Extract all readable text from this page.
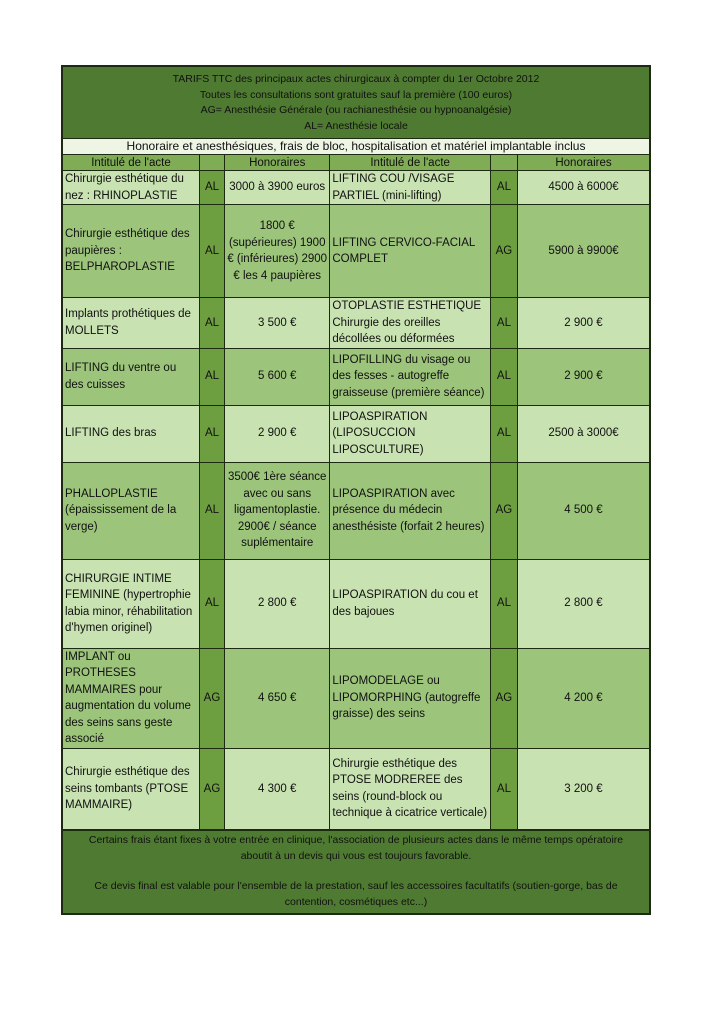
TARIFS TTC des principaux actes chirurgicaux à compter du 1er Octobre 2012
Toutes les consultations sont gratuites sauf la première (100 euros)
AG= Anesthésie Générale (ou rachianesthésie ou hypnoanalgésie)
AL= Anesthésie locale
Honoraire et anesthésiques, frais de bloc, hospitalisation et matériel implantable inclus
Intitulé de l'acte		Honoraires	Intitulé de l'acte		Honoraires
Chirurgie esthétique du nez : RHINOPLASTIE	AL	3000 à 3900 euros	LIFTING COU /VISAGE PARTIEL (mini-lifting)	AL	4500 à 6000€
Chirurgie esthétique des paupières : BELPHAROPLASTIE	AL	1800 € (supérieures) 1900 € (inférieures) 2900 € les 4 paupières	LIFTING CERVICO-FACIAL COMPLET	AG	5900 à 9900€
Implants prothétiques de MOLLETS	AL	3 500 €	OTOPLASTIE ESTHETIQUE Chirurgie des oreilles décollées ou déformées	AL	2 900 €
LIFTING du ventre ou des cuisses	AL	5 600 €	LIPOFILLING du visage ou des fesses - autogreffe graisseuse (première séance)	AL	2 900 €
LIFTING des bras	AL	2 900 €	LIPOASPIRATION (LIPOSUCCION LIPOSCULTURE)	AL	2500 à 3000€
PHALLOPLASTIE (épaississement de la verge)	AL	3500€ 1ère séance avec ou sans ligamentoplastie. 2900€ / séance suplémentaire	LIPOASPIRATION avec présence du médecin anesthésiste (forfait 2 heures)	AG	4 500 €
CHIRURGIE INTIME FEMININE (hypertrophie labia minor, réhabilitation d'hymen originel)	AL	2 800 €	LIPOASPIRATION du cou et des bajoues	AL	2 800 €
IMPLANT ou PROTHESES MAMMAIRES pour augmentation du volume des seins sans geste associé	AG	4 650 €	LIPOMODELAGE ou LIPOMORPHING (autogreffe graisse) des seins	AG	4 200 €
Chirurgie esthétique des seins tombants (PTOSE MAMMAIRE)	AG	4 300 €	Chirurgie esthétique des PTOSE MODREREE des seins (round-block ou technique à cicatrice verticale)	AL	3 200 €

Certains frais étant fixes à votre entrée en clinique, l'association de plusieurs actes dans le même temps opératoire aboutit à un devis qui vous est toujours favorable.

Ce devis final est valable pour l'ensemble de la prestation, sauf les accessoires facultatifs (soutien-gorge, bas de contention, cosmétiques etc...)
